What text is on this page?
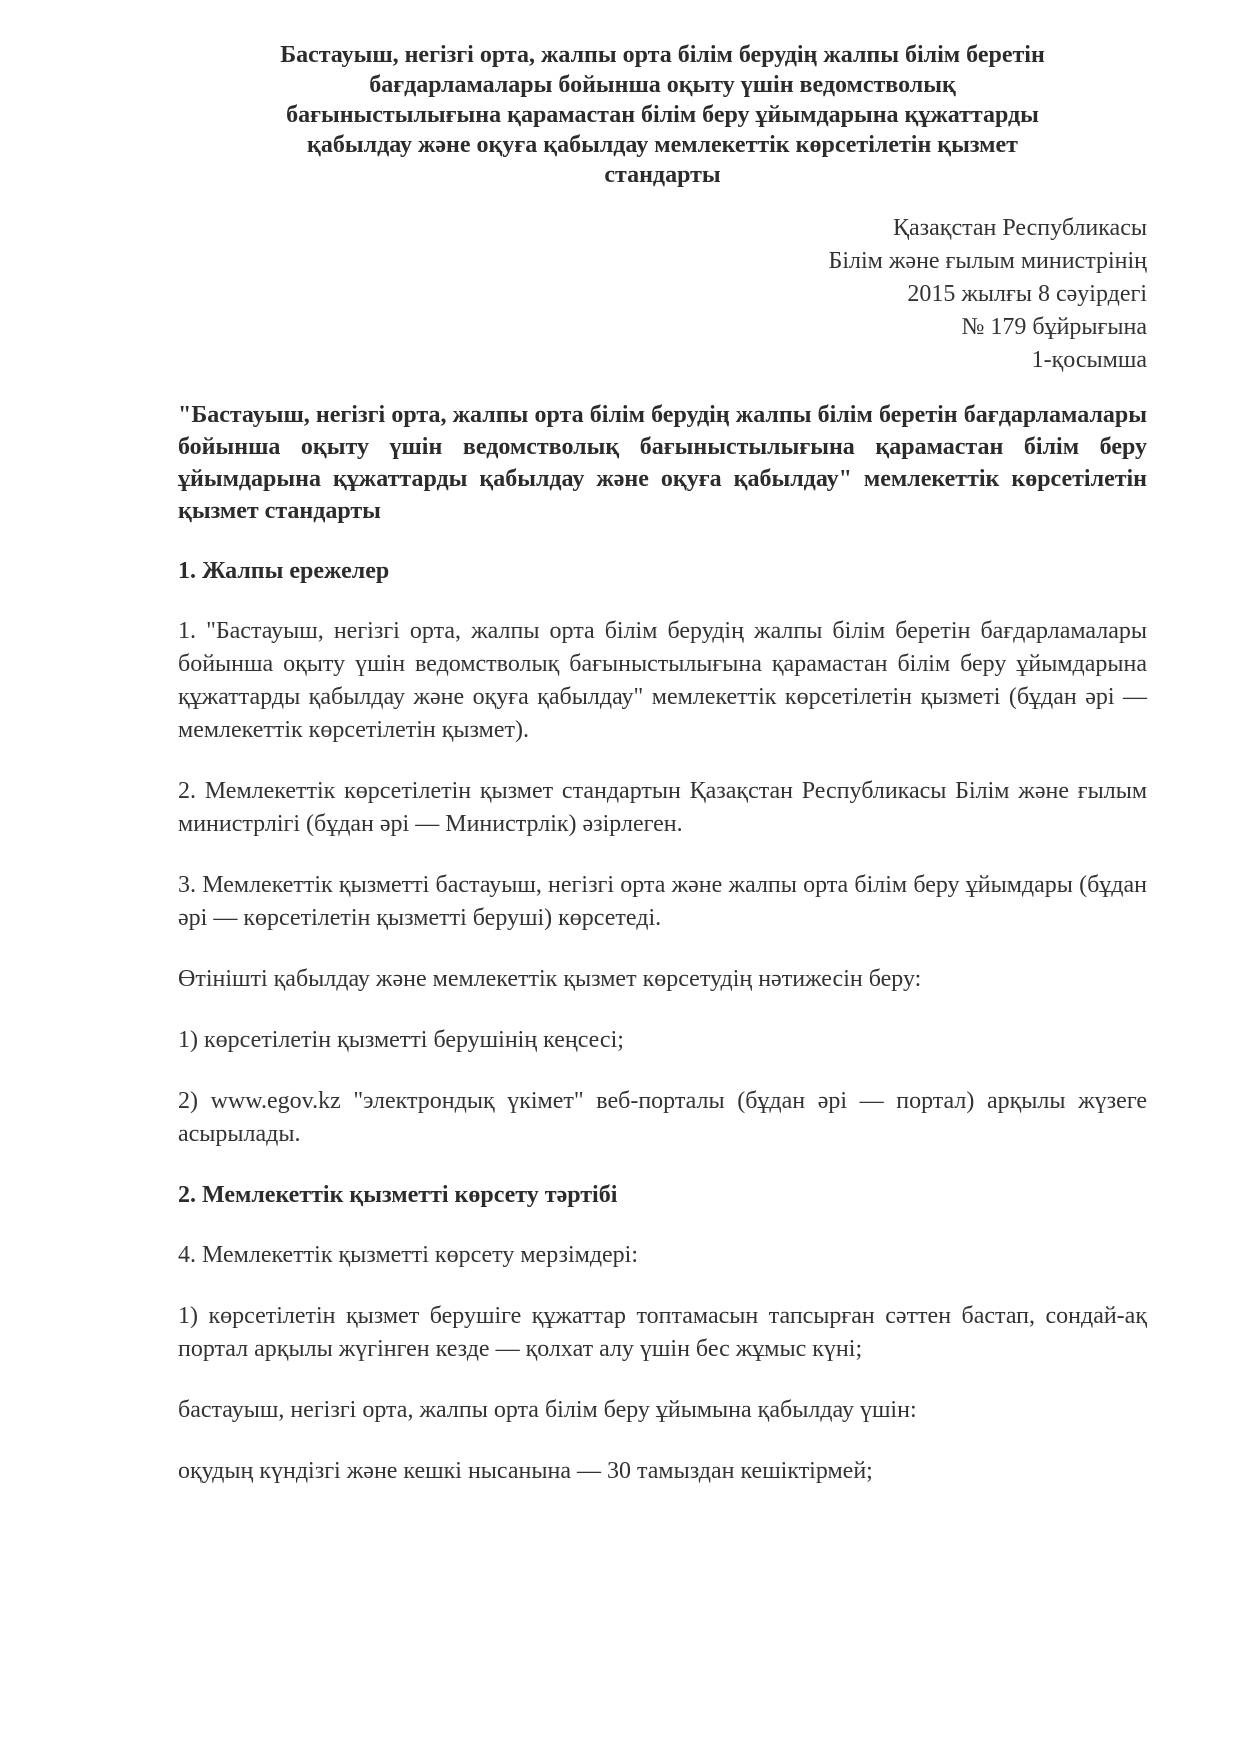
Бастауыш, негізгі орта, жалпы орта білім берудің жалпы білім беретін
бағдарламалары бойынша оқыту үшін ведомстволық
бағыныстылығына қарамастан білім беру ұйымдарына құжаттарды
қабылдау және оқуға қабылдау мемлекеттік көрсетілетін қызмет
стандарты
Қазақстан Республикасы
Білім және ғылым министрінің
2015 жылғы 8 сәуірдегі
№ 179 бұйрығына
1-қосымша
"Бастауыш, негізгі орта, жалпы орта білім берудің жалпы білім беретін бағдарламалары бойынша оқыту үшін ведомстволық бағыныстылығына қарамастан білім беру ұйымдарына құжаттарды қабылдау және оқуға қабылдау" мемлекеттік көрсетілетін қызмет стандарты
1. Жалпы ережелер

1. "Бастауыш, негізгі орта, жалпы орта білім берудің жалпы білім беретін бағдарламалары бойынша оқыту үшін ведомстволық бағыныстылығына қарамастан білім беру ұйымдарына құжаттарды қабылдау және оқуға қабылдау" мемлекеттік көрсетілетін қызметі (бұдан әрі — мемлекеттік көрсетілетін қызмет).

2. Мемлекеттік көрсетілетін қызмет стандартын Қазақстан Республикасы Білім және ғылым министрлігі (бұдан әрі — Министрлік) әзірлеген.

3. Мемлекеттік қызметті бастауыш, негізгі орта және жалпы орта білім беру ұйымдары (бұдан әрі — көрсетілетін қызметті беруші) көрсетеді.

Өтінішті қабылдау және мемлекеттік қызмет көрсетудің нәтижесін беру:

1) көрсетілетін қызметті берушінің кеңсесі;

2) www.egov.kz "электрондық үкімет" веб-порталы (бұдан әрі — портал) арқылы жүзеге асырылады.

2. Мемлекеттік қызметті көрсету тәртібі

4. Мемлекеттік қызметті көрсету мерзімдері:

1) көрсетілетін қызмет берушіге құжаттар топтамасын тапсырған сәттен бастап, сондай-ақ портал арқылы жүгінген кезде — қолхат алу үшін бес жұмыс күні;

бастауыш, негізгі орта, жалпы орта білім беру ұйымына қабылдау үшін:

оқудың күндізгі және кешкі нысанына — 30 тамыздан кешіктірмей;
